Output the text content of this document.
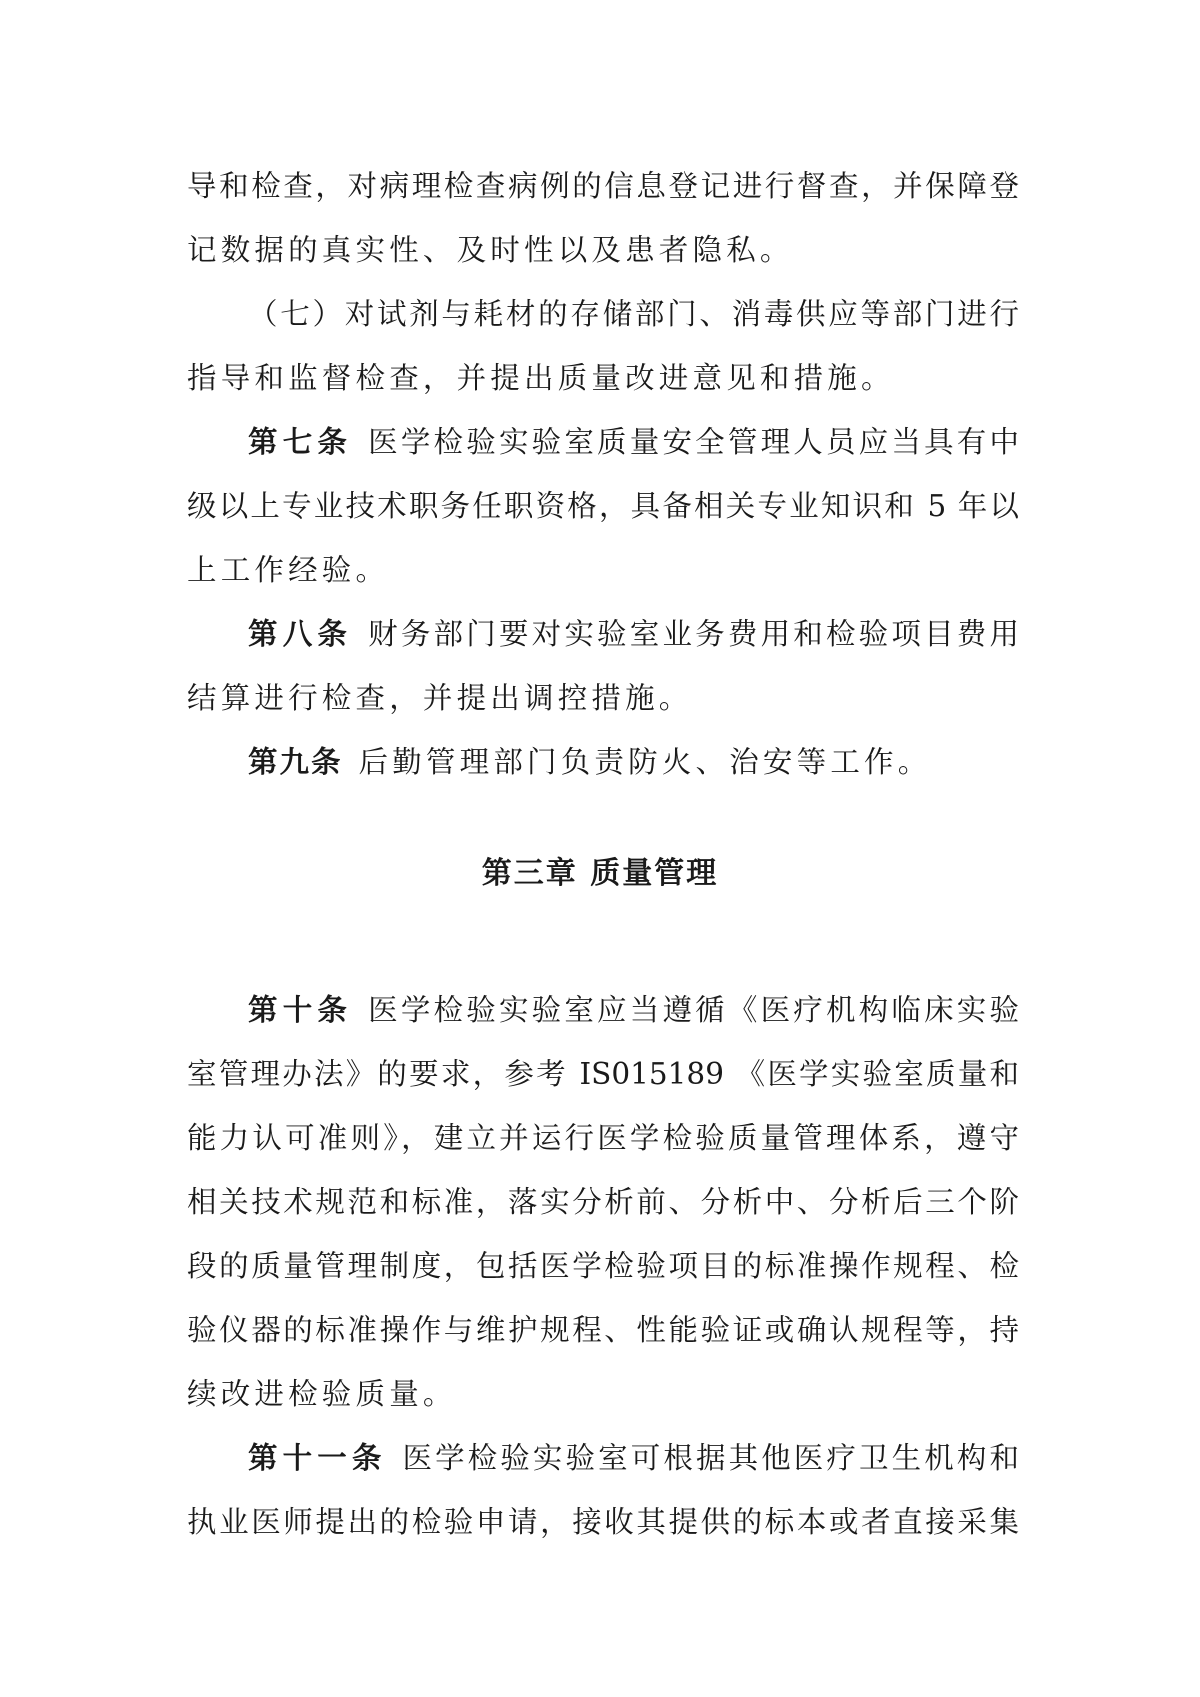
导和检查，对病理检查病例的信息登记进行督查，并保障登
记数据的真实性、及时性以及患者隐私。
（七）对试剂与耗材的存储部门、消毒供应等部门进行
指导和监督检查，并提出质量改进意见和措施。
第七条 医学检验实验室质量安全管理人员应当具有中
级以上专业技术职务任职资格，具备相关专业知识和 5 年以
上工作经验。
第八条 财务部门要对实验室业务费用和检验项目费用
结算进行检查，并提出调控措施。
第九条 后勤管理部门负责防火、治安等工作。
第三章 质量管理
第十条 医学检验实验室应当遵循《医疗机构临床实验
室管理办法》的要求，参考 IS015189 《医学实验室质量和
能力认可准则》，建立并运行医学检验质量管理体系，遵守
相关技术规范和标准，落实分析前、分析中、分析后三个阶
段的质量管理制度，包括医学检验项目的标准操作规程、检
验仪器的标准操作与维护规程、性能验证或确认规程等，持
续改进检验质量。
第十一条 医学检验实验室可根据其他医疗卫生机构和
执业医师提出的检验申请，接收其提供的标本或者直接采集
